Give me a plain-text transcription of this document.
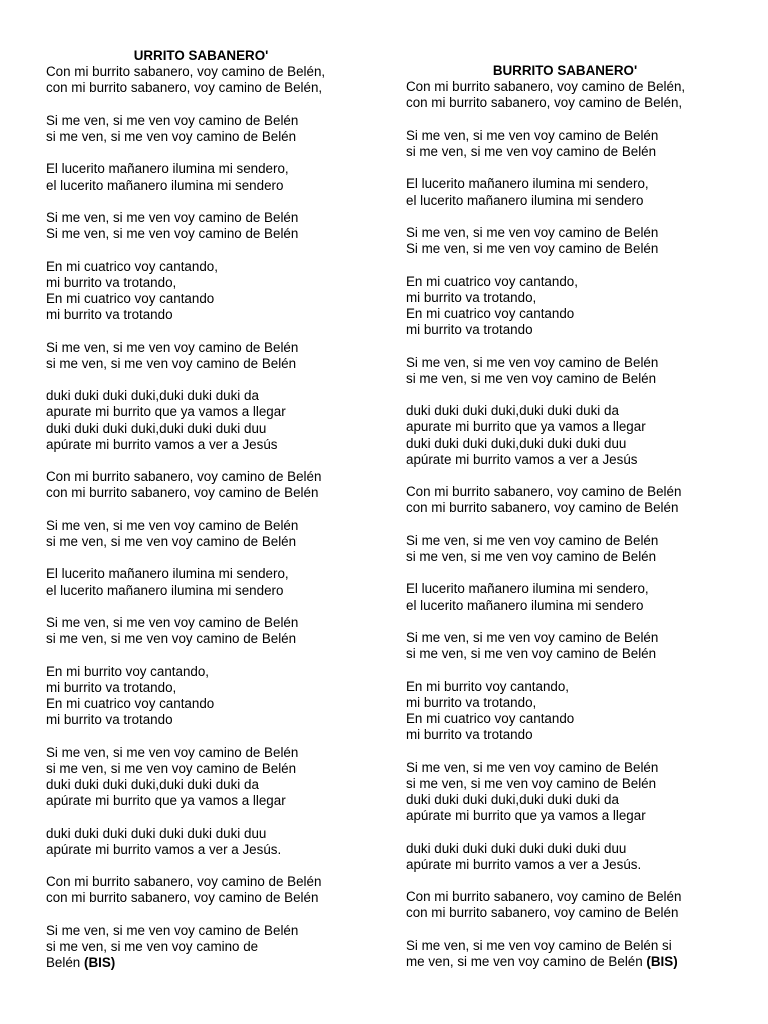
URRITO SABANERO'
Con mi burrito sabanero, voy camino de Belén,
con mi burrito sabanero, voy camino de Belén,
Si me ven, si me ven voy camino de Belén
si me ven, si me ven voy camino de Belén
El lucerito mañanero ilumina mi sendero,
el lucerito mañanero ilumina mi sendero
Si me ven, si me ven voy camino de Belén
Si me ven, si me ven voy camino de Belén
En mi cuatrico voy cantando,
mi burrito va trotando,
En mi cuatrico voy cantando
mi burrito va trotando
Si me ven, si me ven voy camino de Belén
si me ven, si me ven voy camino de Belén
duki duki duki duki,duki duki duki da
apurate mi burrito que ya vamos a llegar
duki duki duki duki,duki duki duki duu
apúrate mi burrito vamos a ver a Jesús
Con mi burrito sabanero, voy camino de Belén
con mi burrito sabanero, voy camino de Belén
Si me ven, si me ven voy camino de Belén
si me ven, si me ven voy camino de Belén
El lucerito mañanero ilumina mi sendero,
el lucerito mañanero ilumina mi sendero
Si me ven, si me ven voy camino de Belén
si me ven, si me ven voy camino de Belén
En mi burrito voy cantando,
mi burrito va trotando,
En mi cuatrico voy cantando
mi burrito va trotando
Si me ven, si me ven voy camino de Belén
si me ven, si me ven voy camino de Belén
duki duki duki duki,duki duki duki da
apúrate mi burrito que ya vamos a llegar
duki duki duki duki duki duki duki duu
apúrate mi burrito vamos a ver a Jesús.
Con mi burrito sabanero, voy camino de Belén
con mi burrito sabanero, voy camino de Belén
Si me ven, si me ven voy camino de Belén
si me ven, si me ven voy camino de
Belén (BIS)
BURRITO SABANERO'
Con mi burrito sabanero, voy camino de Belén,
con mi burrito sabanero, voy camino de Belén,
Si me ven, si me ven voy camino de Belén
si me ven, si me ven voy camino de Belén
El lucerito mañanero ilumina mi sendero,
el lucerito mañanero ilumina mi sendero
Si me ven, si me ven voy camino de Belén
Si me ven, si me ven voy camino de Belén
En mi cuatrico voy cantando,
mi burrito va trotando,
En mi cuatrico voy cantando
mi burrito va trotando
Si me ven, si me ven voy camino de Belén
si me ven, si me ven voy camino de Belén
duki duki duki duki,duki duki duki da
apurate mi burrito que ya vamos a llegar
duki duki duki duki,duki duki duki duu
apúrate mi burrito vamos a ver a Jesús
Con mi burrito sabanero, voy camino de Belén
con mi burrito sabanero, voy camino de Belén
Si me ven, si me ven voy camino de Belén
si me ven, si me ven voy camino de Belén
El lucerito mañanero ilumina mi sendero,
el lucerito mañanero ilumina mi sendero
Si me ven, si me ven voy camino de Belén
si me ven, si me ven voy camino de Belén
En mi burrito voy cantando,
mi burrito va trotando,
En mi cuatrico voy cantando
mi burrito va trotando
Si me ven, si me ven voy camino de Belén
si me ven, si me ven voy camino de Belén
duki duki duki duki,duki duki duki da
apúrate mi burrito que ya vamos a llegar
duki duki duki duki duki duki duki duu
apúrate mi burrito vamos a ver a Jesús.
Con mi burrito sabanero, voy camino de Belén
con mi burrito sabanero, voy camino de Belén
Si me ven, si me ven voy camino de Belén si
me ven, si me ven voy camino de Belén (BIS)
